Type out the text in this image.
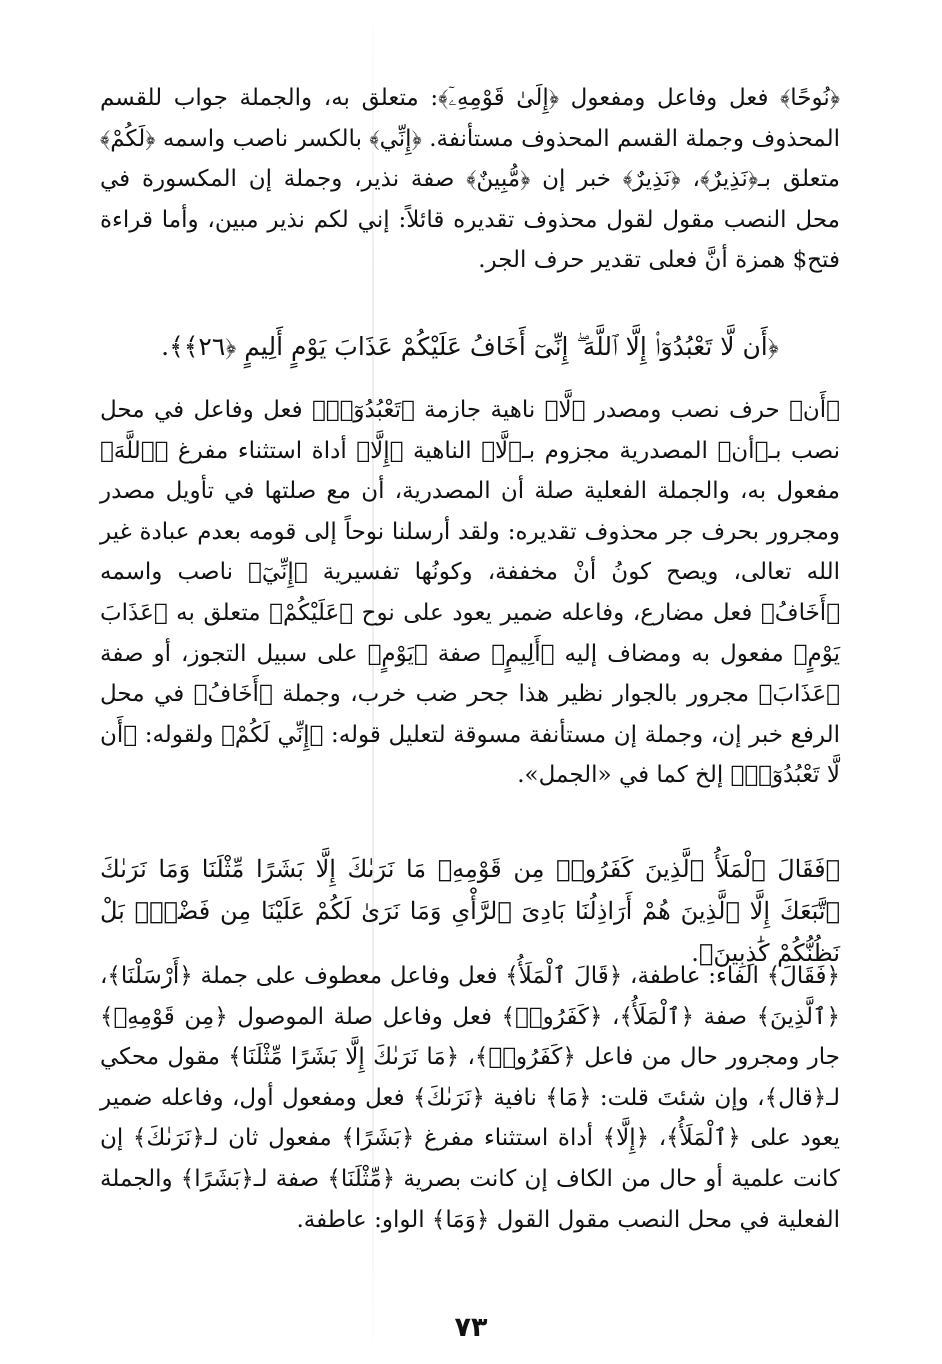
﴿نُوحًا﴾ فعل وفاعل ومفعول ﴿إِلَىٰ قَوْمِهِۦٓ﴾: متعلق به، والجملة جواب للقسم المحذوف وجملة القسم المحذوف مستأنفة. ﴿إِنِّي﴾ بالكسر ناصب واسمه ﴿لَكُمْ﴾ متعلق بـ﴿نَذِيرٌ﴾، ﴿نَذِيرٌ﴾ خبر إن ﴿مُّبِينٌ﴾ صفة نذير، وجملة إن المكسورة في محل النصب مقول لقول محذوف تقديره قائلاً: إني لكم نذير مبين، وأما قراءة فتح$ همزة أنَّ فعلى تقدير حرف الجر.

﴿أَن لَّا تَعْبُدُوٓا۟ إِلَّا ٱللَّهَ ۖ إِنِّىٓ أَخَافُ عَلَيْكُمْ عَذَابَ يَوْمٍ أَلِيمٍ ﴿٢٦﴾﴾.

﴿أَن﴾ حرف نصب ومصدر ﴿لَّا﴾ ناهية جازمة ﴿تَعْبُدُوٓا۟﴾ فعل وفاعل في محل نصب بـ﴿أن﴾ المصدرية مجزوم بـ﴿لَّا﴾ الناهية ﴿إِلَّا﴾ أداة استثناء مفرغ ﴿ٱللَّهَ﴾ مفعول به، والجملة الفعلية صلة أن المصدرية، أن مع صلتها في تأويل مصدر ومجرور بحرف جر محذوف تقديره: ولقد أرسلنا نوحاً إلى قومه بعدم عبادة غير الله تعالى، ويصح كونُ أنْ مخففة، وكونُها تفسيرية ﴿إِنِّيٓ﴾ ناصب واسمه ﴿أَخَافُ﴾ فعل مضارع، وفاعله ضمير يعود على نوح ﴿عَلَيْكُمْ﴾ متعلق به ﴿عَذَابَ يَوْمٍ﴾ مفعول به ومضاف إليه ﴿أَلِيمٍ﴾ صفة ﴿يَوْمٍ﴾ على سبيل التجوز، أو صفة ﴿عَذَابَ﴾ مجرور بالجوار نظير هذا جحر ضب خرب، وجملة ﴿أَخَافُ﴾ في محل الرفع خبر إن، وجملة إن مستأنفة مسوقة لتعليل قوله: ﴿إِنِّي لَكُمْ﴾ ولقوله: ﴿أَن لَّا تَعْبُدُوٓا۟﴾ إلخ كما في «الجمل».

﴿فَقَالَ ٱلْمَلَأُ ٱلَّذِينَ كَفَرُوا۟ مِن قَوْمِهِۦ مَا نَرَىٰكَ إِلَّا بَشَرًا مِّثْلَنَا وَمَا نَرَىٰكَ ٱتَّبَعَكَ إِلَّا ٱلَّذِينَ هُمْ أَرَاذِلُنَا بَادِىَ ٱلرَّأْىِ وَمَا نَرَىٰ لَكُمْ عَلَيْنَا مِن فَضْلٍۭ بَلْ نَظُنُّكُمْ كَٰذِبِينَ﴾.

﴿فَقَالَ﴾ الفاء: عاطفة، ﴿قَالَ ٱلْمَلَأُ﴾ فعل وفاعل معطوف على جملة ﴿أَرْسَلْنَا﴾، ﴿ٱلَّذِينَ﴾ صفة ﴿ٱلْمَلَأُ﴾، ﴿كَفَرُوا۟﴾ فعل وفاعل صلة الموصول ﴿مِن قَوْمِهِۦ﴾ جار ومجرور حال من فاعل ﴿كَفَرُوا۟﴾، ﴿مَا نَرَىٰكَ إِلَّا بَشَرًا مِّثْلَنَا﴾ مقول محكي لـ﴿قال﴾، وإن شئتَ قلت: ﴿مَا﴾ نافية ﴿نَرَىٰكَ﴾ فعل ومفعول أول، وفاعله ضمير يعود على ﴿ٱلْمَلَأُ﴾، ﴿إِلَّا﴾ أداة استثناء مفرغ ﴿بَشَرًا﴾ مفعول ثان لـ﴿نَرَىٰكَ﴾ إن كانت علمية أو حال من الكاف إن كانت بصرية ﴿مِّثْلَنَا﴾ صفة لـ﴿بَشَرًا﴾ والجملة الفعلية في محل النصب مقول القول ﴿وَمَا﴾ الواو: عاطفة.

٧٣
